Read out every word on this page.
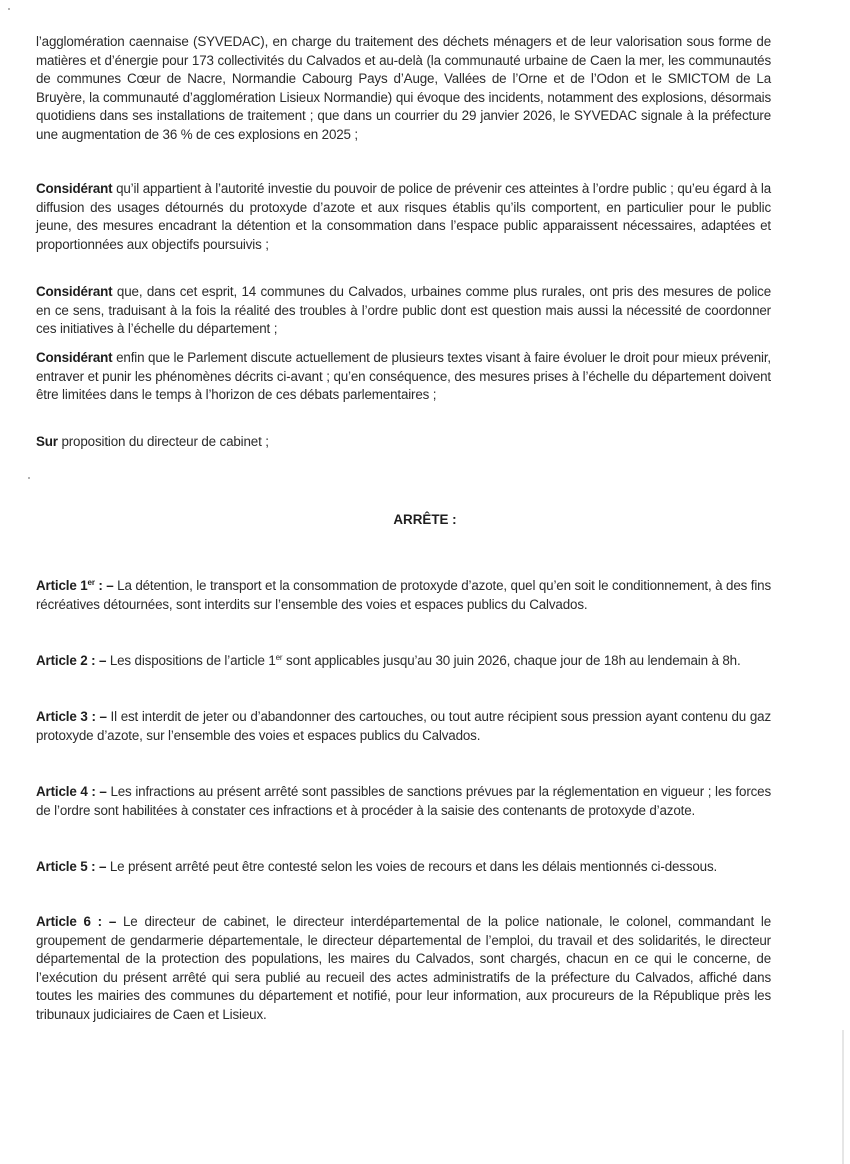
l’agglomération caennaise (SYVEDAC), en charge du traitement des déchets ménagers et de leur valorisation sous forme de matières et d’énergie pour 173 collectivités du Calvados et au-delà (la communauté urbaine de Caen la mer, les communautés de communes Cœur de Nacre, Normandie Cabourg Pays d’Auge, Vallées de l’Orne et de l’Odon et le SMICTOM de La Bruyère, la communauté d’agglomération Lisieux Normandie) qui évoque des incidents, notamment des explosions, désormais quotidiens dans ses installations de traitement ; que dans un courrier du 29 janvier 2026, le SYVEDAC signale à la préfecture une augmentation de 36 % de ces explosions en 2025 ;

Considérant qu’il appartient à l’autorité investie du pouvoir de police de prévenir ces atteintes à l’ordre public ; qu’eu égard à la diffusion des usages détournés du protoxyde d’azote et aux risques établis qu’ils comportent, en particulier pour le public jeune, des mesures encadrant la détention et la consommation dans l’espace public apparaissent nécessaires, adaptées et proportionnées aux objectifs poursuivis ;

Considérant que, dans cet esprit, 14 communes du Calvados, urbaines comme plus rurales, ont pris des mesures de police en ce sens, traduisant à la fois la réalité des troubles à l’ordre public dont est question mais aussi la nécessité de coordonner ces initiatives à l’échelle du département ;

Considérant enfin que le Parlement discute actuellement de plusieurs textes visant à faire évoluer le droit pour mieux prévenir, entraver et punir les phénomènes décrits ci-avant ; qu’en conséquence, des mesures prises à l’échelle du département doivent être limitées dans le temps à l’horizon de ces débats parlementaires ;

Sur proposition du directeur de cabinet ;

ARRÊTE :

Article 1er : – La détention, le transport et la consommation de protoxyde d’azote, quel qu’en soit le conditionnement, à des fins récréatives détournées, sont interdits sur l’ensemble des voies et espaces publics du Calvados.

Article 2 : – Les dispositions de l’article 1er sont applicables jusqu’au 30 juin 2026, chaque jour de 18h au lendemain à 8h.

Article 3 : – Il est interdit de jeter ou d’abandonner des cartouches, ou tout autre récipient sous pression ayant contenu du gaz protoxyde d’azote, sur l’ensemble des voies et espaces publics du Calvados.

Article 4 : – Les infractions au présent arrêté sont passibles de sanctions prévues par la réglementation en vigueur ; les forces de l’ordre sont habilitées à constater ces infractions et à procéder à la saisie des contenants de protoxyde d’azote.

Article 5 : – Le présent arrêté peut être contesté selon les voies de recours et dans les délais mentionnés ci-dessous.

Article 6 : – Le directeur de cabinet, le directeur interdépartemental de la police nationale, le colonel, commandant le groupement de gendarmerie départementale, le directeur départemental de l’emploi, du travail et des solidarités, le directeur départemental de la protection des populations, les maires du Calvados, sont chargés, chacun en ce qui le concerne, de l’exécution du présent arrêté qui sera publié au recueil des actes administratifs de la préfecture du Calvados, affiché dans toutes les mairies des communes du département et notifié, pour leur information, aux procureurs de la République près les tribunaux judiciaires de Caen et Lisieux.
